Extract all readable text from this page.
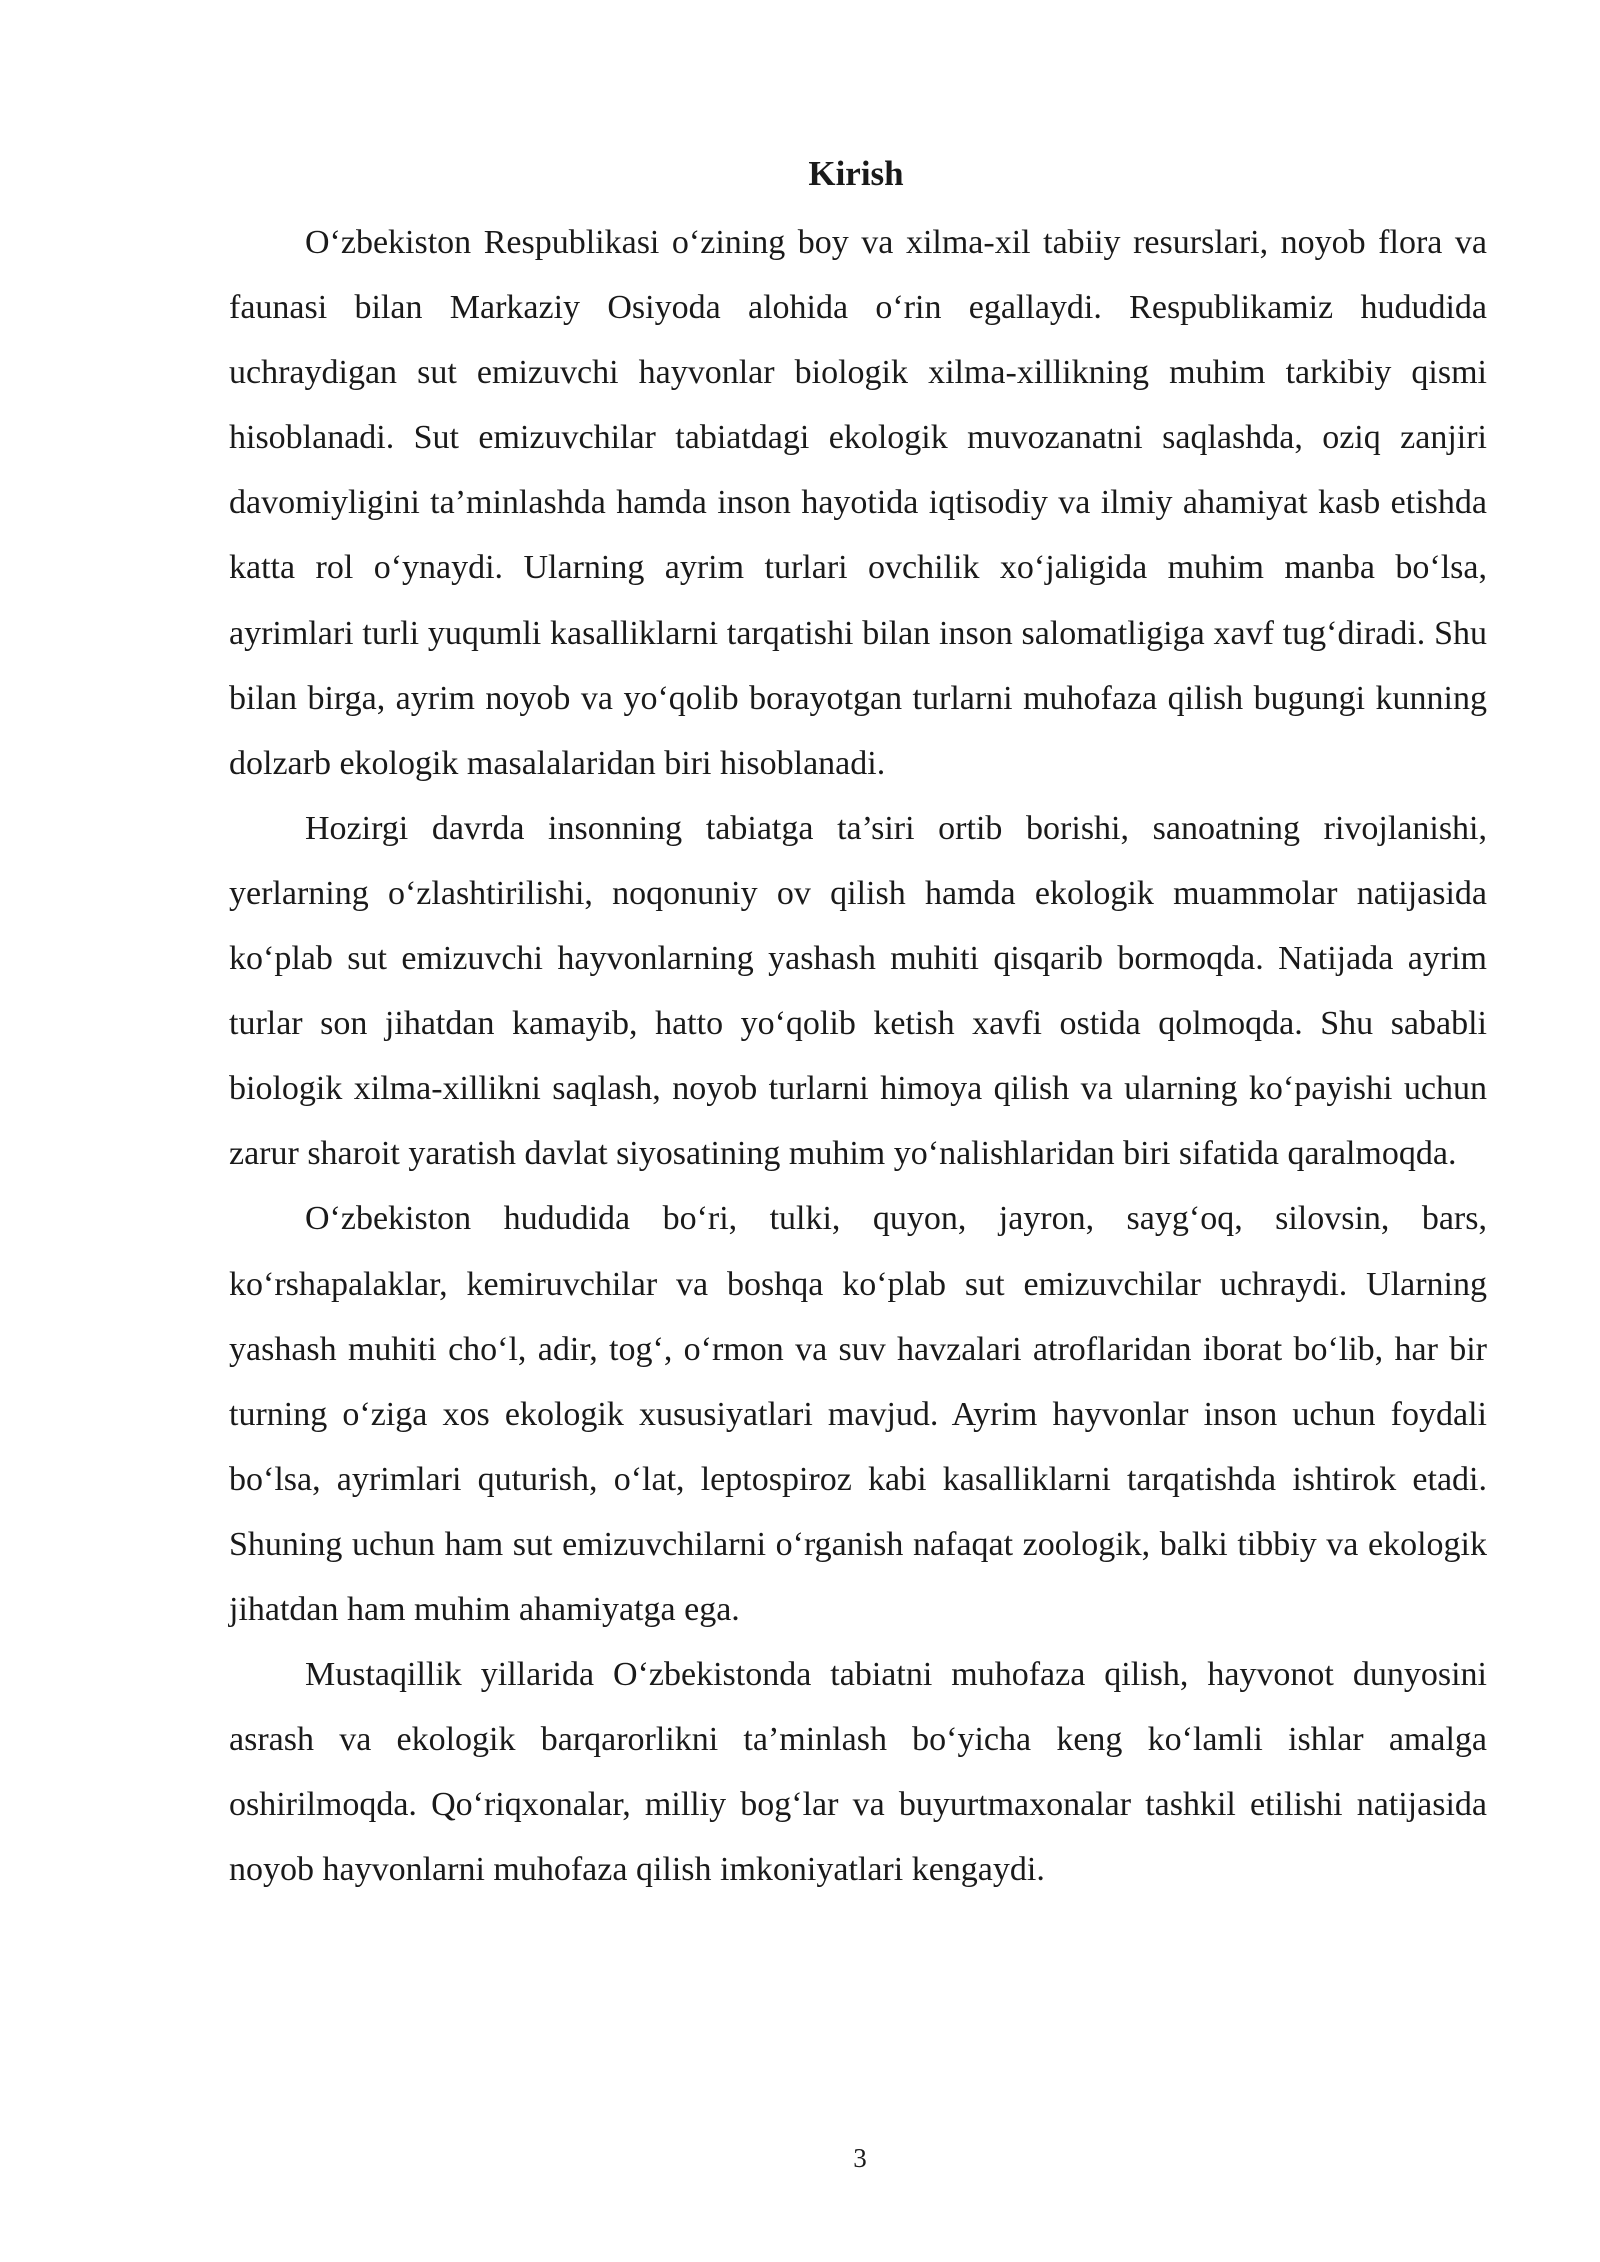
Kirish

O‘zbekiston Respublikasi o‘zining boy va xilma-xil tabiiy resurslari, noyob flora va faunasi bilan Markaziy Osiyoda alohida o‘rin egallaydi. Respublikamiz hududida uchraydigan sut emizuvchi hayvonlar biologik xilma-xillikning muhim tarkibiy qismi hisoblanadi. Sut emizuvchilar tabiatdagi ekologik muvozanatni saqlashda, oziq zanjiri davomiyligini ta’minlashda hamda inson hayotida iqtisodiy va ilmiy ahamiyat kasb etishda katta rol o‘ynaydi. Ularning ayrim turlari ovchilik xo‘jaligida muhim manba bo‘lsa, ayrimlari turli yuqumli kasalliklarni tarqatishi bilan inson salomatligiga xavf tug‘diradi. Shu bilan birga, ayrim noyob va yo‘qolib borayotgan turlarni muhofaza qilish bugungi kunning dolzarb ekologik masalalaridan biri hisoblanadi.

Hozirgi davrda insonning tabiatga ta’siri ortib borishi, sanoatning rivojlanishi, yerlarning o‘zlashtirilishi, noqonuniy ov qilish hamda ekologik muammolar natijasida ko‘plab sut emizuvchi hayvonlarning yashash muhiti qisqarib bormoqda. Natijada ayrim turlar son jihatdan kamayib, hatto yo‘qolib ketish xavfi ostida qolmoqda. Shu sababli biologik xilma-xillikni saqlash, noyob turlarni himoya qilish va ularning ko‘payishi uchun zarur sharoit yaratish davlat siyosatining muhim yo‘nalishlaridan biri sifatida qaralmoqda.

O‘zbekiston hududida bo‘ri, tulki, quyon, jayron, sayg‘oq, silovsin, bars, ko‘rshapalaklar, kemiruvchilar va boshqa ko‘plab sut emizuvchilar uchraydi. Ularning yashash muhiti cho‘l, adir, tog‘, o‘rmon va suv havzalari atroflaridan iborat bo‘lib, har bir turning o‘ziga xos ekologik xususiyatlari mavjud. Ayrim hayvonlar inson uchun foydali bo‘lsa, ayrimlari quturish, o‘lat, leptospiroz kabi kasalliklarni tarqatishda ishtirok etadi. Shuning uchun ham sut emizuvchilarni o‘rganish nafaqat zoologik, balki tibbiy va ekologik jihatdan ham muhim ahamiyatga ega.

Mustaqillik yillarida O‘zbekistonda tabiatni muhofaza qilish, hayvonot dunyosini asrash va ekologik barqarorlikni ta’minlash bo‘yicha keng ko‘lamli ishlar amalga oshirilmoqda. Qo‘riqxonalar, milliy bog‘lar va buyurtmaxonalar tashkil etilishi natijasida noyob hayvonlarni muhofaza qilish imkoniyatlari kengaydi.

3
